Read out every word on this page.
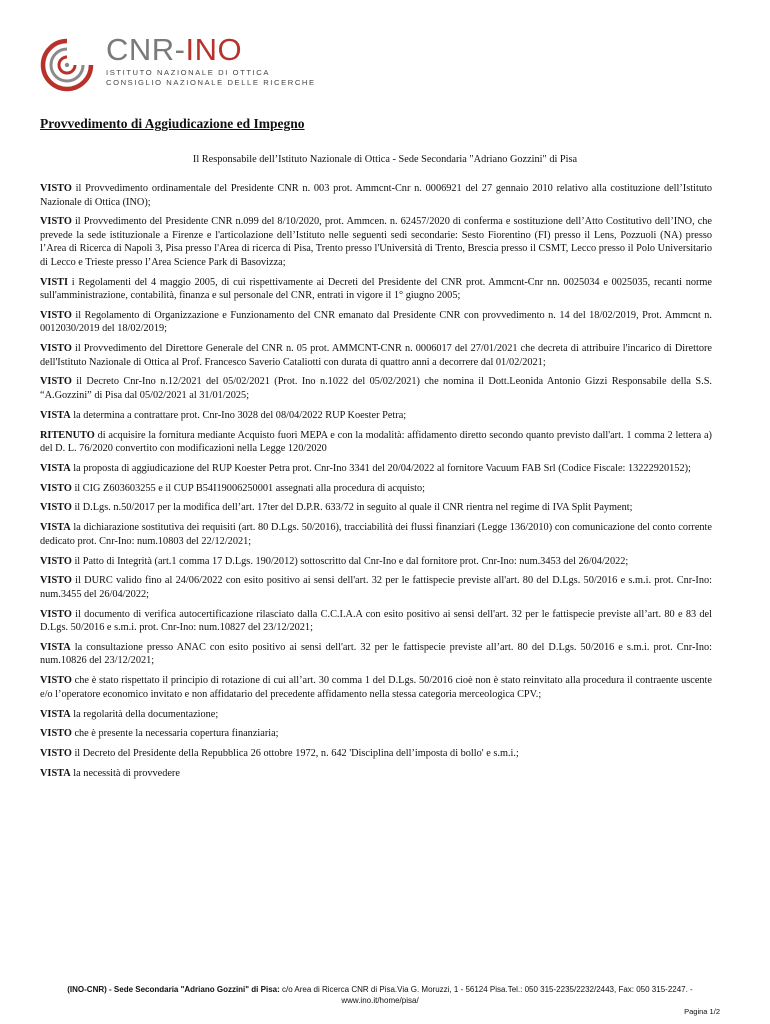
CNR-INO
ISTITUTO NAZIONALE DI OTTICA
CONSIGLIO NAZIONALE DELLE RICERCHE
Provvedimento di Aggiudicazione ed Impegno
Il Responsabile dell’Istituto Nazionale di Ottica - Sede Secondaria "Adriano Gozzini" di Pisa

VISTO il Provvedimento ordinamentale del Presidente CNR n. 003 prot. Ammcnt-Cnr n. 0006921 del 27 gennaio 2010 relativo alla costituzione dell’Istituto Nazionale di Ottica (INO);

VISTO il Provvedimento del Presidente CNR n.099 del 8/10/2020, prot. Ammcen. n. 62457/2020 di conferma e sostituzione dell’Atto Costitutivo dell’INO, che prevede la sede istituzionale a Firenze e l'articolazione dell’Istituto nelle seguenti sedi secondarie: Sesto Fiorentino (FI) presso il Lens, Pozzuoli (NA) presso l’Area di Ricerca di Napoli 3, Pisa presso l'Area di ricerca di Pisa, Trento presso l'Università di Trento, Brescia presso il CSMT, Lecco presso il Polo Universitario di Lecco e Trieste presso l’Area Science Park di Basovizza;

VISTI i Regolamenti del 4 maggio 2005, di cui rispettivamente ai Decreti del Presidente del CNR prot. Ammcnt-Cnr nn. 0025034 e 0025035, recanti norme sull'amministrazione, contabilità, finanza e sul personale del CNR, entrati in vigore il 1° giugno 2005;

VISTO il Regolamento di Organizzazione e Funzionamento del CNR emanato dal Presidente CNR con provvedimento n. 14 del 18/02/2019, Prot. Ammcnt n. 0012030/2019 del 18/02/2019;

VISTO il Provvedimento del Direttore Generale del CNR n. 05 prot. AMMCNT-CNR n. 0006017 del 27/01/2021 che decreta di attribuire l'incarico di Direttore dell'Istituto Nazionale di Ottica al Prof. Francesco Saverio Cataliotti con durata di quattro anni a decorrere dal 01/02/2021;

VISTO il Decreto Cnr-Ino n.12/2021 del 05/02/2021 (Prot. Ino n.1022 del 05/02/2021) che nomina il Dott.Leonida Antonio Gizzi Responsabile della S.S. “A.Gozzini” di Pisa dal 05/02/2021 al 31/01/2025;

VISTA la determina a contrattare prot. Cnr-Ino 3028 del 08/04/2022 RUP Koester Petra;

RITENUTO di acquisire la fornitura mediante Acquisto fuori MEPA e con la modalità: affidamento diretto secondo quanto previsto dall'art. 1 comma 2 lettera a) del D. L. 76/2020 convertito con modificazioni nella Legge 120/2020

VISTA la proposta di aggiudicazione del RUP Koester Petra prot. Cnr-Ino 3341 del 20/04/2022 al fornitore Vacuum FAB Srl (Codice Fiscale: 13222920152);

VISTO il CIG Z603603255 e il CUP B54I19006250001 assegnati alla procedura di acquisto;

VISTO il D.Lgs. n.50/2017 per la modifica dell’art. 17ter del D.P.R. 633/72 in seguito al quale il CNR rientra nel regime di IVA Split Payment;

VISTA la dichiarazione sostitutiva dei requisiti (art. 80 D.Lgs. 50/2016), tracciabilità dei flussi finanziari (Legge 136/2010) con comunicazione del conto corrente dedicato prot. Cnr-Ino: num.10803 del 22/12/2021;

VISTO il Patto di Integrità (art.1 comma 17 D.Lgs. 190/2012) sottoscritto dal Cnr-Ino e dal fornitore prot. Cnr-Ino: num.3453 del 26/04/2022;

VISTO il DURC valido fino al 24/06/2022 con esito positivo ai sensi dell'art. 32 per le fattispecie previste all'art. 80 del D.Lgs. 50/2016 e s.m.i. prot. Cnr-Ino: num.3455 del 26/04/2022;

VISTO il documento di verifica autocertificazione rilasciato dalla C.C.I.A.A con esito positivo ai sensi dell'art. 32 per le fattispecie previste all’art. 80 e 83 del D.Lgs. 50/2016 e s.m.i. prot. Cnr-Ino: num.10827 del 23/12/2021;

VISTA la consultazione presso ANAC con esito positivo ai sensi dell'art. 32 per le fattispecie previste all’art. 80 del D.Lgs. 50/2016 e s.m.i. prot. Cnr-Ino: num.10826 del 23/12/2021;

VISTO che è stato rispettato il principio di rotazione di cui all’art. 30 comma 1 del D.Lgs. 50/2016 cioè non è stato reinvitato alla procedura il contraente uscente e/o l’operatore economico invitato e non affidatario del precedente affidamento nella stessa categoria merceologica CPV.;

VISTA la regolarità della documentazione;

VISTO che è presente la necessaria copertura finanziaria;

VISTO il Decreto del Presidente della Repubblica 26 ottobre 1972, n. 642 'Disciplina dell’imposta di bollo' e s.m.i.;

VISTA la necessità di provvedere

(INO-CNR) - Sede Secondaria "Adriano Gozzini" di Pisa: c/o Area di Ricerca CNR di Pisa.Via G. Moruzzi, 1 - 56124 Pisa.Tel.: 050 315-2235/2232/2443, Fax: 050 315-2247. - www.ino.it/home/pisa/
Pagina 1/2
